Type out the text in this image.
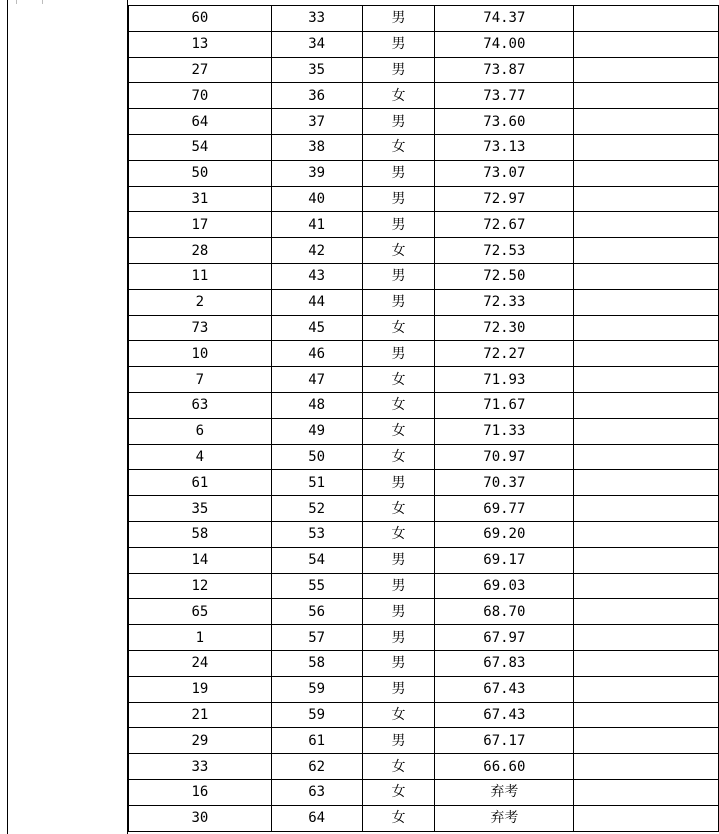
60	33	男	74.37	
13	34	男	74.00	
27	35	男	73.87	
70	36	女	73.77	
64	37	男	73.60	
54	38	女	73.13	
50	39	男	73.07	
31	40	男	72.97	
17	41	男	72.67	
28	42	女	72.53	
11	43	男	72.50	
2	44	男	72.33	
73	45	女	72.30	
10	46	男	72.27	
7	47	女	71.93	
63	48	女	71.67	
6	49	女	71.33	
4	50	女	70.97	
61	51	男	70.37	
35	52	女	69.77	
58	53	女	69.20	
14	54	男	69.17	
12	55	男	69.03	
65	56	男	68.70	
1	57	男	67.97	
24	58	男	67.83	
19	59	男	67.43	
21	59	女	67.43	
29	61	男	67.17	
33	62	女	66.60	
16	63	女	弃考	
30	64	女	弃考	
